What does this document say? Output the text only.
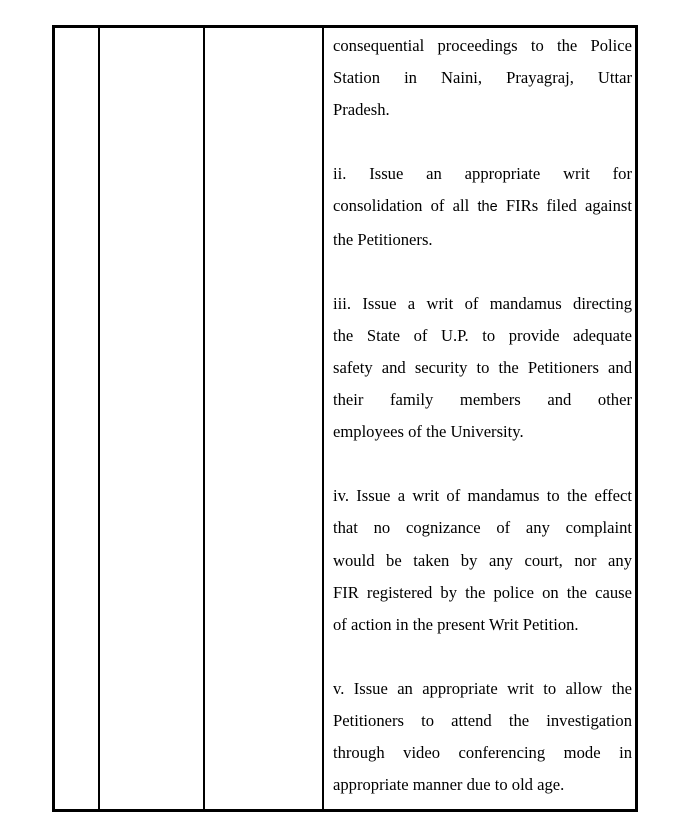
consequential proceedings to the Police
Station in Naini, Prayagraj, Uttar
Pradesh.

ii. Issue an appropriate writ for
consolidation of all the FIRs filed against
the Petitioners.

iii. Issue a writ of mandamus directing
the State of U.P. to provide adequate
safety and security to the Petitioners and
their family members and other
employees of the University.

iv. Issue a writ of mandamus to the effect
that no cognizance of any complaint
would be taken by any court, nor any
FIR registered by the police on the cause
of action in the present Writ Petition.

v. Issue an appropriate writ to allow the
Petitioners to attend the investigation
through video conferencing mode in
appropriate manner due to old age.
